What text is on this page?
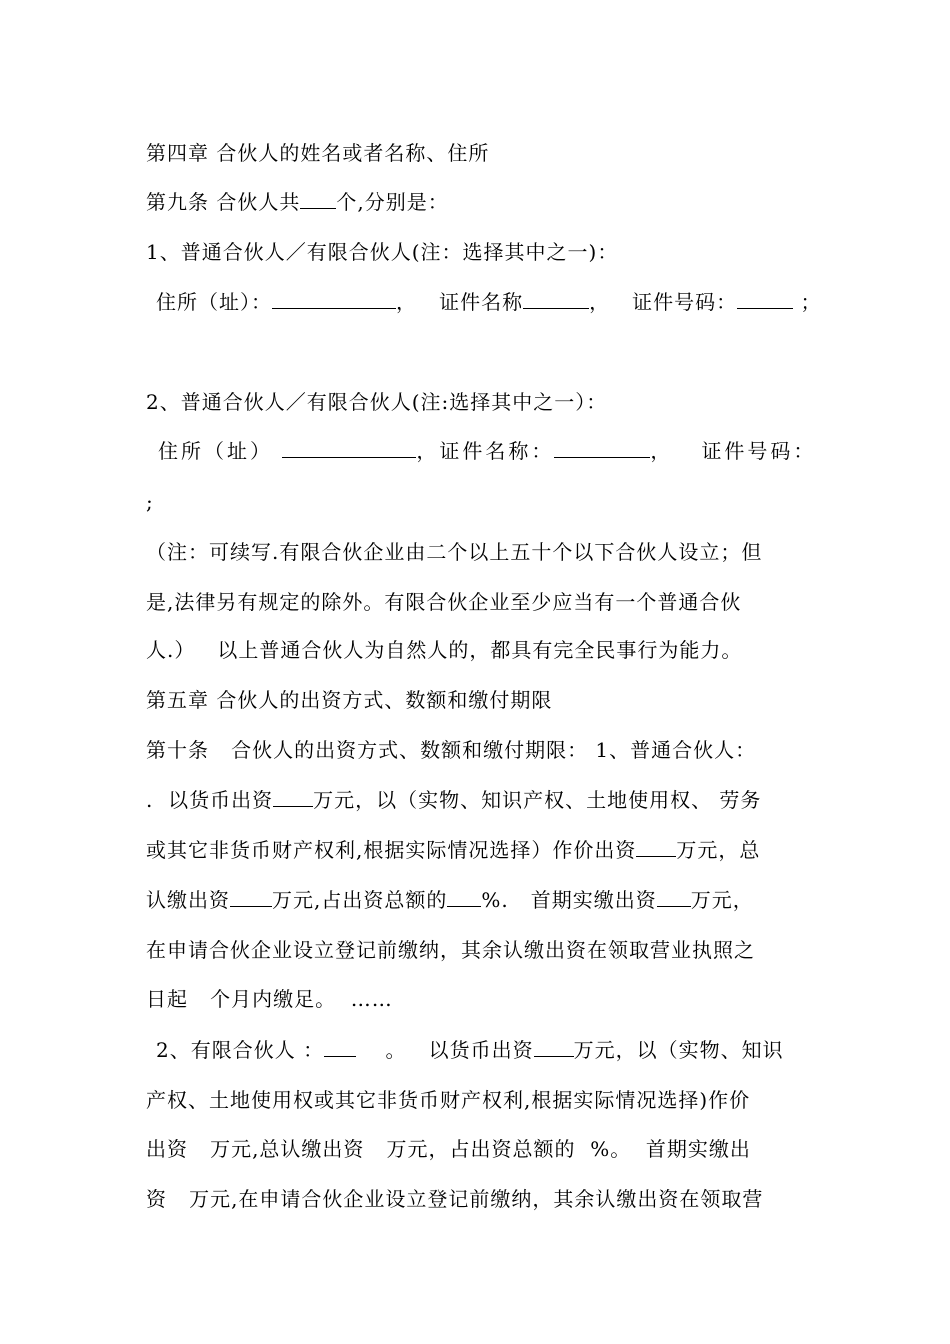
第四章 合伙人的姓名或者名称、住所
第九条 合伙人共 个,分别是：
1、普通合伙人／有限合伙人(注：选择其中之一)：
住所（址）：	， 证件名称	， 证件号码：	；
2、普通合伙人／有限合伙人(注:选择其中之一）：
住所（址）	，证件名称：	， 证件号码：
;
（注：可续写.有限合伙企业由二个以上五十个以下合伙人设立；但
是,法律另有规定的除外。有限合伙企业至少应当有一个普通合伙
人.）   以上普通合伙人为自然人的，都具有完全民事行为能力。
第五章 合伙人的出资方式、数额和缴付期限
第十条   合伙人的出资方式、数额和缴付期限： 1、普通合伙人：
.  以货币出资 万元，以（实物、知识产权、土地使用权、 劳务
或其它非货币财产权利,根据实际情况选择）作价出资 万元，总
认缴出资 万元,占出资总额的 %.   首期实缴出资 万元，
在申请合伙企业设立登记前缴纳，其余认缴出资在领取营业执照之
日起   个月内缴足。  ……
2、有限合伙人 ：	。   以货币出资 万元，以（实物、知识
产权、土地使用权或其它非货币财产权利,根据实际情况选择)作价
出资   万元,总认缴出资   万元，占出资总额的  %。  首期实缴出
资   万元,在申请合伙企业设立登记前缴纳，其余认缴出资在领取营
